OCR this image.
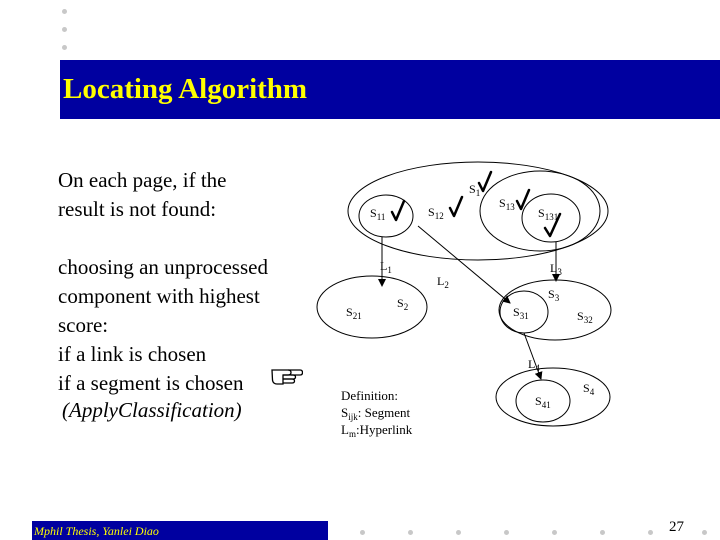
Locating Algorithm
On each page, if the
result is not found:
choosing an unprocessed
component with highest
score:
if a link is chosen
if a segment is chosen
(ApplyClassification)
$S_1$
$S_{11}$	$S_{12}$
$S_{13}$ $S_{131}$
$S_{21}$
$S_2$
$S_3$
$S_{31}$	$S_{32}$
$S_4$
$S_{41}$
$L_1$
$L_2$
$L_3$
$L_4$
Definition:
$S_{ijk}$: Segment
$L_m:Hyperlink$
Mphil Thesis, Yanlei Diao	27
